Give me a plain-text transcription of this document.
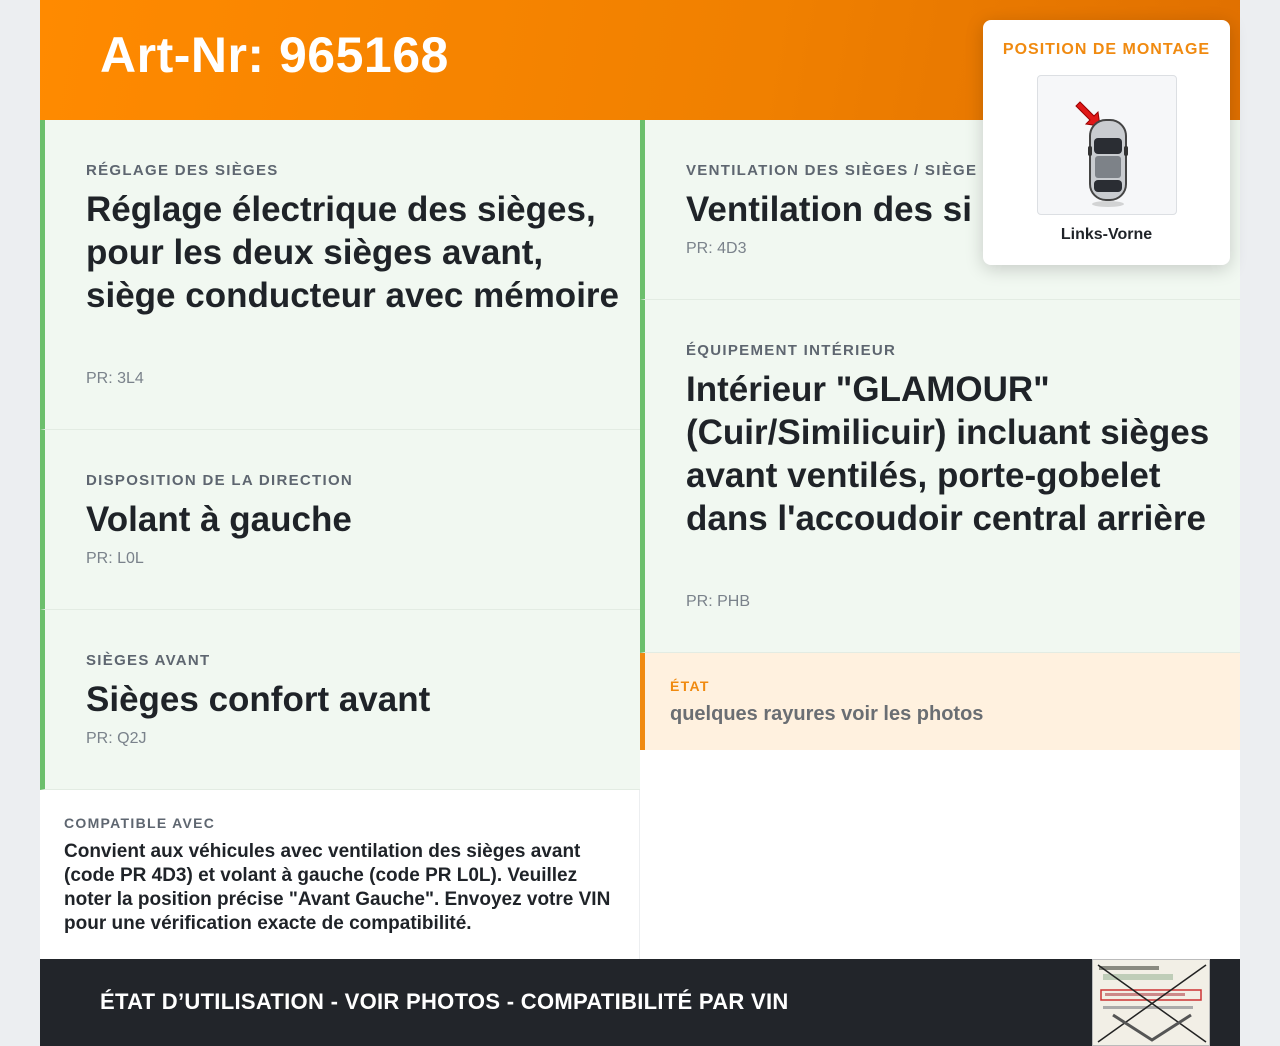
Art-Nr: 965168
RÉGLAGE DES SIÈGES
Réglage électrique des sièges, pour les deux sièges avant, siège conducteur avec mémoire
PR: 3L4
DISPOSITION DE LA DIRECTION
Volant à gauche
PR: L0L
SIÈGES AVANT
Sièges confort avant
PR: Q2J
VENTILATION DES SIÈGES / SIÈGE
Ventilation des si
PR: 4D3
ÉQUIPEMENT INTÉRIEUR
Intérieur "GLAMOUR" (Cuir/Similicuir) incluant sièges avant ventilés, porte-gobelet dans l'accoudoir central arrière
PR: PHB
ÉTAT
quelques rayures voir les photos
COMPATIBLE AVEC
Convient aux véhicules avec ventilation des sièges avant (code PR 4D3) et volant à gauche (code PR L0L). Veuillez noter la position précise "Avant Gauche". Envoyez votre VIN pour une vérification exacte de compatibilité.
ÉTAT D’UTILISATION - VOIR PHOTOS - COMPATIBILITÉ PAR VIN
POSITION DE MONTAGE
Links-Vorne
